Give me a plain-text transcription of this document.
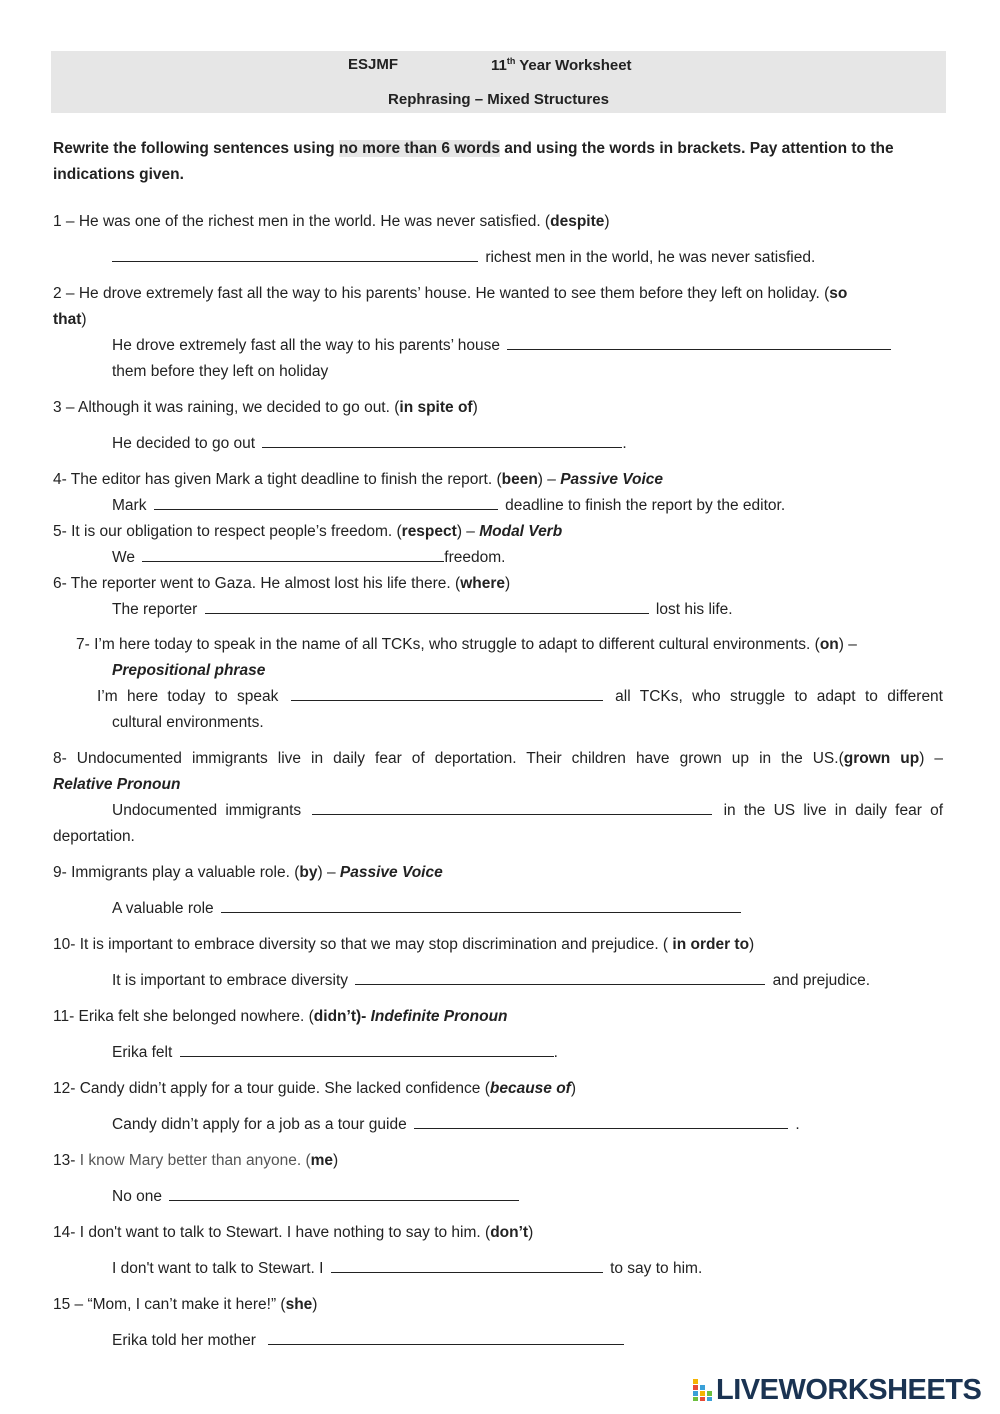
ESJMF	11th Year Worksheet
Rephrasing – Mixed Structures
Rewrite the following sentences using no more than 6 words and using the words in brackets. Pay attention to the indications given.
1 – He was one of the richest men in the world. He was never satisfied. (despite)
richest men in the world, he was never satisfied.
2 – He drove extremely fast all the way to his parents’ house. He wanted to see them before they left on holiday. (so
that)
He drove extremely fast all the way to his parents’ house
them before they left on holiday
3 – Although it was raining, we decided to go out. (in spite of)
He decided to go out	.
4- The editor has given Mark a tight deadline to finish the report. (been) – Passive Voice
Mark	deadline to finish the report by the editor.
5- It is our obligation to respect people’s freedom. (respect) – Modal Verb
We	freedom.
6- The reporter went to Gaza. He almost lost his life there. (where)
The reporter	lost his life.
7- I’m here today to speak in the name of all TCKs, who struggle to adapt to different cultural environments. (on) –
Prepositional phrase
I’m here today to speak	all TCKs, who struggle to adapt to different
cultural environments.
8- Undocumented immigrants live in daily fear of deportation. Their children have grown up in the US.(grown up) –
Relative Pronoun
Undocumented immigrants	in the US live in daily fear of
deportation.
9- Immigrants play a valuable role. (by) – Passive Voice
A valuable role
10- It is important to embrace diversity so that we may stop discrimination and prejudice. ( in order to)
It is important to embrace diversity	and prejudice.
11- Erika felt she belonged nowhere. (didn’t)- Indefinite Pronoun
Erika felt	.
12- Candy didn’t apply for a tour guide. She lacked confidence (because of)
Candy didn’t apply for a job as a tour guide	.
13- I know Mary better than anyone. (me)
No one
14- I don't want to talk to Stewart. I have nothing to say to him. (don’t)
I don't want to talk to Stewart. I	to say to him.
15 – “Mom, I can’t make it here!” (she)
Erika told her mother
LIVEWORKSHEETS
